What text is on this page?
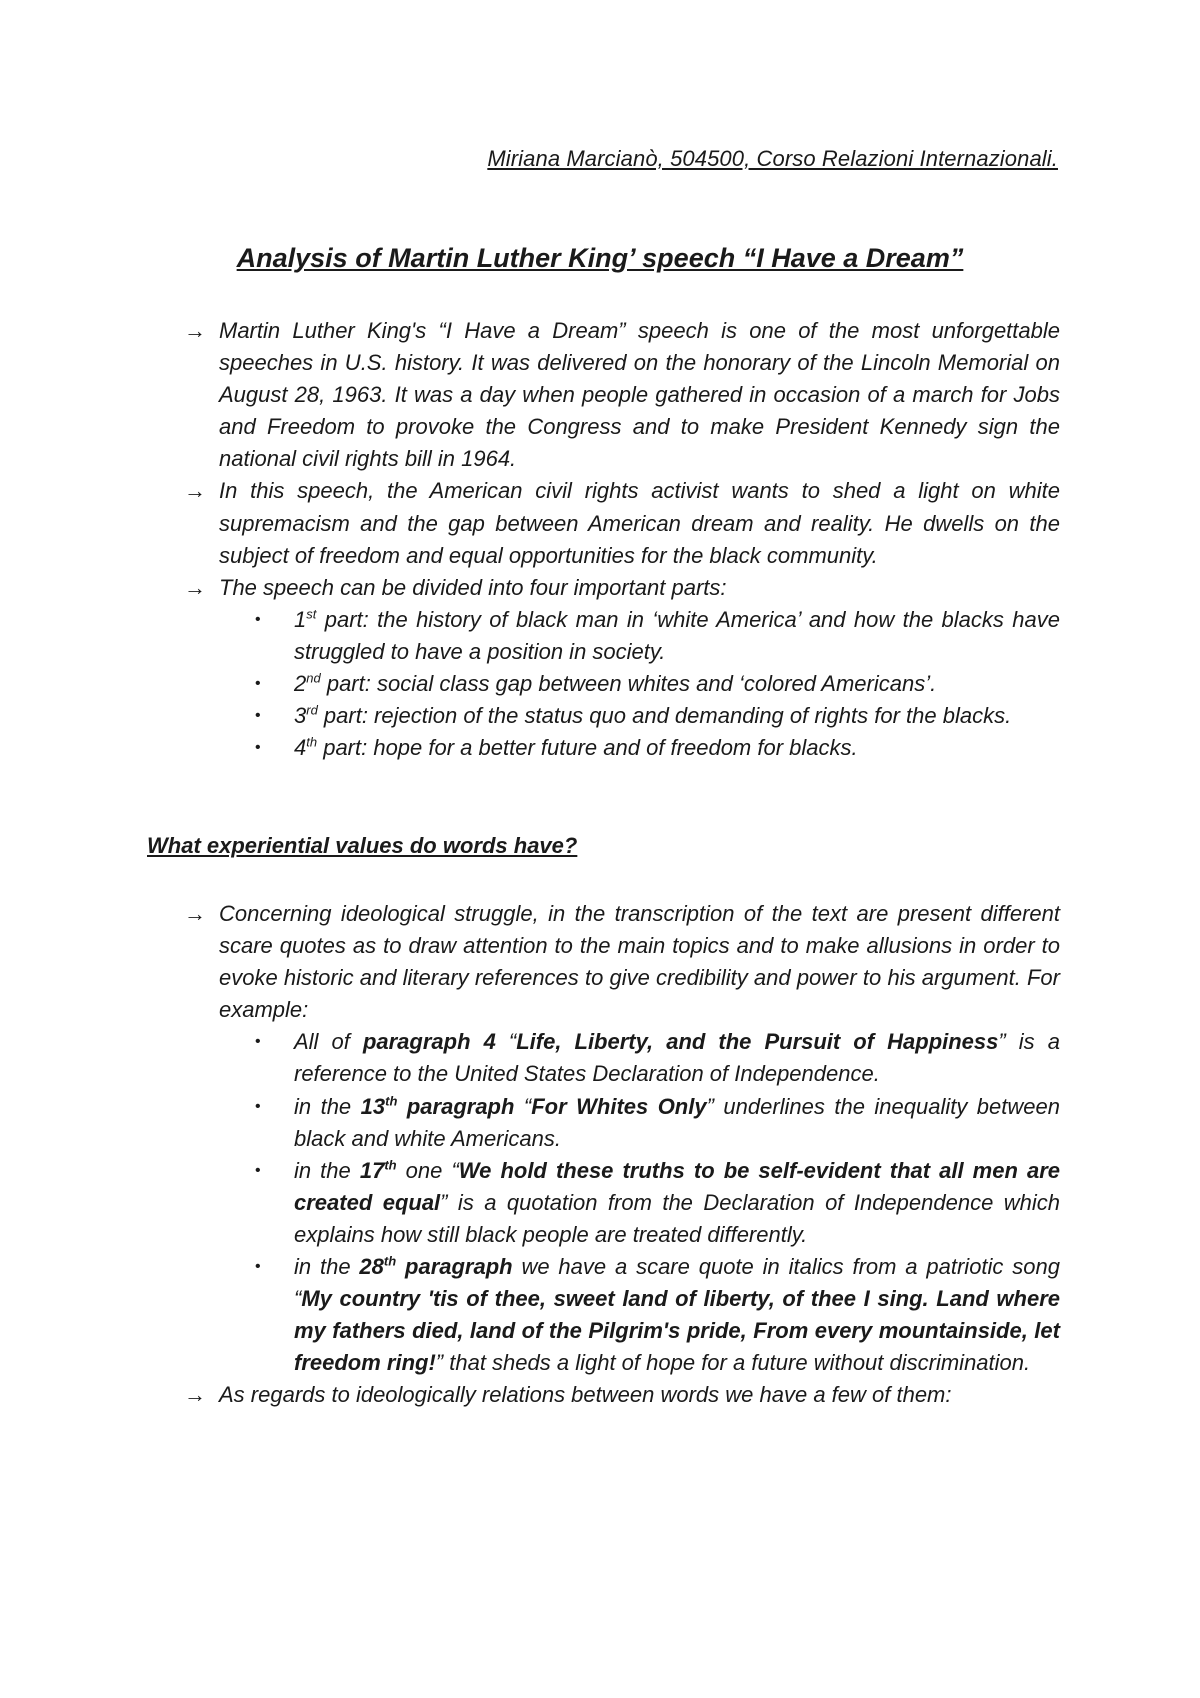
Miriana Marcianò, 504500, Corso Relazioni Internazionali.
Analysis of Martin Luther King’ speech “I Have a Dream”

→ Martin Luther King's “I Have a Dream” speech is one of the most unforgettable speeches in U.S. history. It was delivered on the honorary of the Lincoln Memorial on August 28, 1963. It was a day when people gathered in occasion of a march for Jobs and Freedom to provoke the Congress and to make President Kennedy sign the national civil rights bill in 1964.

→ In this speech, the American civil rights activist wants to shed a light on white supremacism and the gap between American dream and reality. He dwells on the subject of freedom and equal opportunities for the black community.

→ The speech can be divided into four important parts:

• 1st part: the history of black man in ‘white America’ and how the blacks have struggled to have a position in society.

• 2nd part: social class gap between whites and ‘colored Americans’.

• 3rd part: rejection of the status quo and demanding of rights for the blacks.

• 4th part: hope for a better future and of freedom for blacks.

What experiential values do words have?

→ Concerning ideological struggle, in the transcription of the text are present different scare quotes as to draw attention to the main topics and to make allusions in order to evoke historic and literary references to give credibility and power to his argument. For example:

• All of paragraph 4 “Life, Liberty, and the Pursuit of Happiness” is a reference to the United States Declaration of Independence.

• in the 13th paragraph “For Whites Only” underlines the inequality between black and white Americans.

• in the 17th one “We hold these truths to be self-evident that all men are created equal” is a quotation from the Declaration of Independence which explains how still black people are treated differently.

• in the 28th paragraph we have a scare quote in italics from a patriotic song “My country 'tis of thee, sweet land of liberty, of thee I sing. Land where my fathers died, land of the Pilgrim's pride, From every mountainside, let freedom ring!” that sheds a light of hope for a future without discrimination.

→ As regards to ideologically relations between words we have a few of them:
